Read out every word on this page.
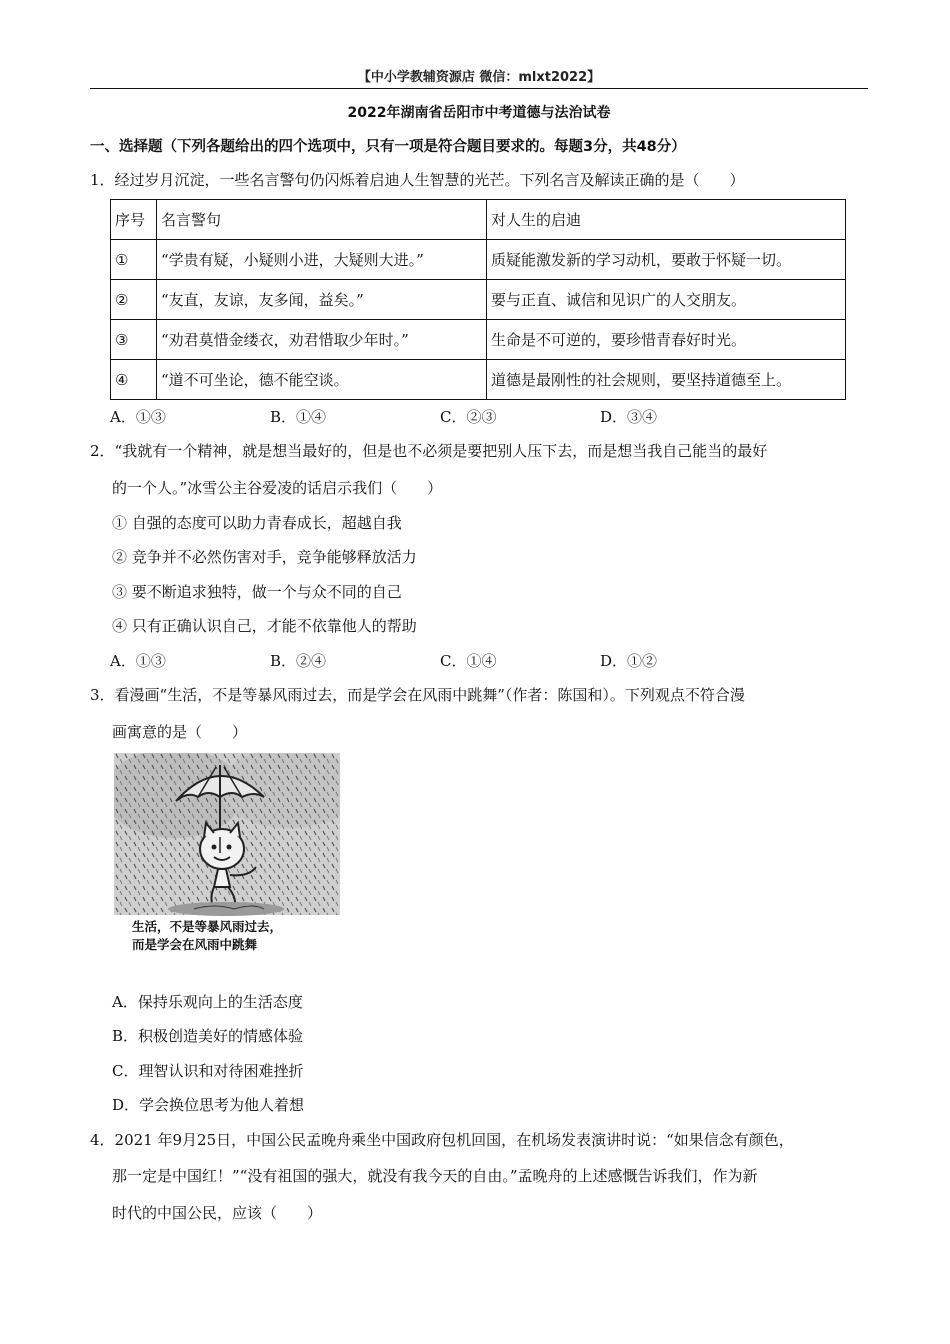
【中小学教辅资源店 微信：mlxt2022】
2022年湖南省岳阳市中考道德与法治试卷
一、选择题（下列各题给出的四个选项中，只有一项是符合题目要求的。每题3分，共48分）
1．经过岁月沉淀，一些名言警句仍闪烁着启迪人生智慧的光芒。下列名言及解读正确的是（　　）
序号	名言警句	对人生的启迪
①	“学贵有疑，小疑则小进，大疑则大进。”	质疑能激发新的学习动机，要敢于怀疑一切。
②	“友直，友谅，友多闻，益矣。”	要与正直、诚信和见识广的人交朋友。
③	“劝君莫惜金缕衣，劝君惜取少年时。”	生命是不可逆的，要珍惜青春好时光。
④	“道不可坐论，德不能空谈。	道德是最刚性的社会规则，要坚持道德至上。
A．①③	B．①④	C．②③	D．③④
2．“我就有一个精神，就是想当最好的，但是也不必须是要把别人压下去，而是想当我自己能当的最好
的一个人。”冰雪公主谷爱凌的话启示我们（　　）
① 自强的态度可以助力青春成长，超越自我
② 竞争并不必然伤害对手，竞争能够释放活力
③ 要不断追求独特，做一个与众不同的自己
④ 只有正确认识自己，才能不依靠他人的帮助
A．①③	B．②④	C．①④	D．①②
3．看漫画“生活，不是等暴风雨过去，而是学会在风雨中跳舞”（作者：陈国和）。下列观点不符合漫
画寓意的是（　　）
生活，不是等暴风雨过去，
而是学会在风雨中跳舞
A．保持乐观向上的生活态度
B．积极创造美好的情感体验
C．理智认识和对待困难挫折
D．学会换位思考为他人着想
4．2021 年9月25日，中国公民孟晚舟乘坐中国政府包机回国，在机场发表演讲时说：“如果信念有颜色，
那一定是中国红！”“没有祖国的强大，就没有我今天的自由。”孟晚舟的上述感慨告诉我们，作为新
时代的中国公民，应该（　　）
